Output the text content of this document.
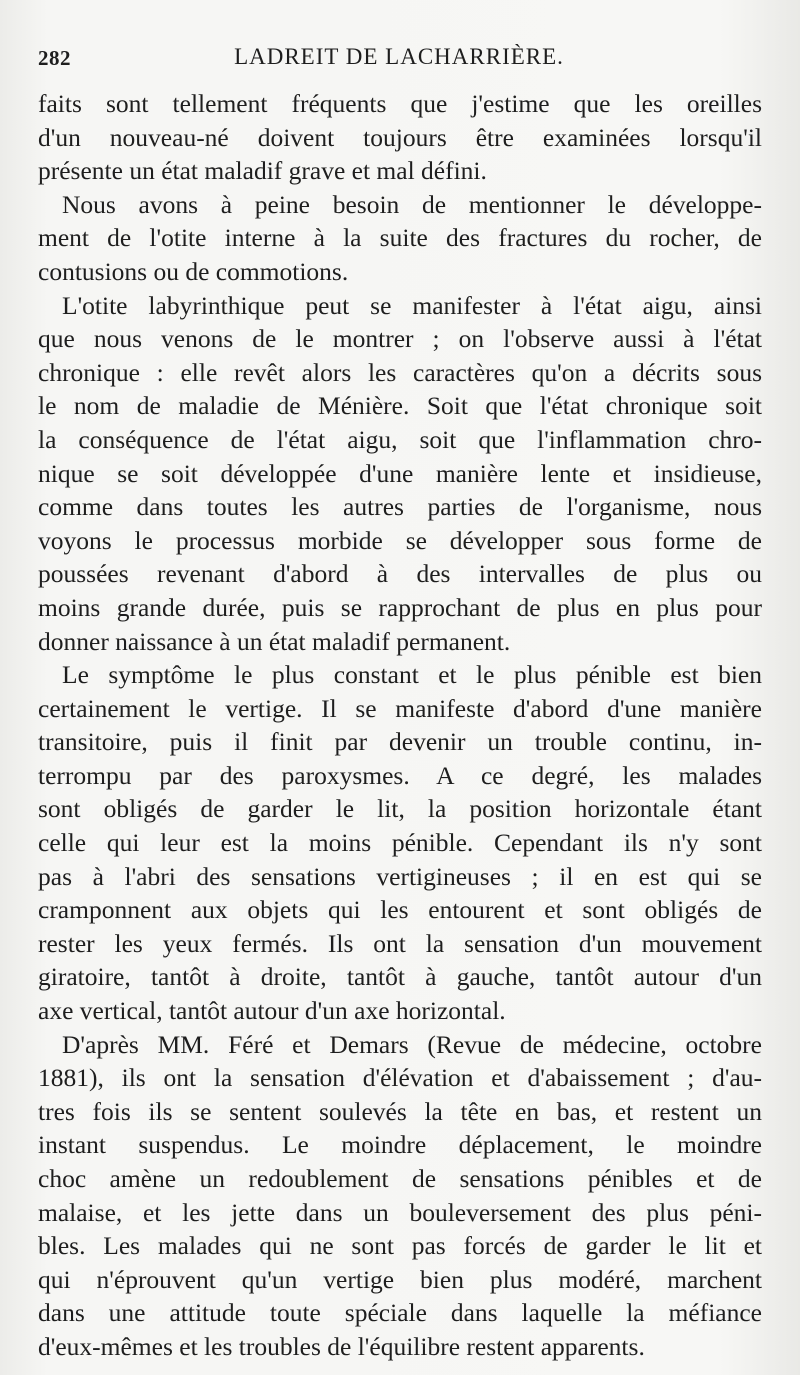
282	LADREIT DE LACHARRIÈRE.

faits sont tellement fréquents que j'estime que les oreilles
d'un nouveau-né doivent toujours être examinées lorsqu'il
présente un état maladif grave et mal défini.

Nous avons à peine besoin de mentionner le développe-
ment de l'otite interne à la suite des fractures du rocher, de
contusions ou de commotions.

L'otite labyrinthique peut se manifester à l'état aigu, ainsi
que nous venons de le montrer ; on l'observe aussi à l'état
chronique : elle revêt alors les caractères qu'on a décrits sous
le nom de maladie de Ménière. Soit que l'état chronique soit
la conséquence de l'état aigu, soit que l'inflammation chro-
nique se soit développée d'une manière lente et insidieuse,
comme dans toutes les autres parties de l'organisme, nous
voyons le processus morbide se développer sous forme de
poussées revenant d'abord à des intervalles de plus ou
moins grande durée, puis se rapprochant de plus en plus pour
donner naissance à un état maladif permanent.

Le symptôme le plus constant et le plus pénible est bien
certainement le vertige. Il se manifeste d'abord d'une manière
transitoire, puis il finit par devenir un trouble continu, in-
terrompu par des paroxysmes. A ce degré, les malades
sont obligés de garder le lit, la position horizontale étant
celle qui leur est la moins pénible. Cependant ils n'y sont
pas à l'abri des sensations vertigineuses ; il en est qui se
cramponnent aux objets qui les entourent et sont obligés de
rester les yeux fermés. Ils ont la sensation d'un mouvement
giratoire, tantôt à droite, tantôt à gauche, tantôt autour d'un
axe vertical, tantôt autour d'un axe horizontal.

D'après MM. Féré et Demars (Revue de médecine, octobre
1881), ils ont la sensation d'élévation et d'abaissement ; d'au-
tres fois ils se sentent soulevés la tête en bas, et restent un
instant suspendus. Le moindre déplacement, le moindre
choc amène un redoublement de sensations pénibles et de
malaise, et les jette dans un bouleversement des plus péni-
bles. Les malades qui ne sont pas forcés de garder le lit et
qui n'éprouvent qu'un vertige bien plus modéré, marchent
dans une attitude toute spéciale dans laquelle la méfiance
d'eux-mêmes et les troubles de l'équilibre restent apparents.
